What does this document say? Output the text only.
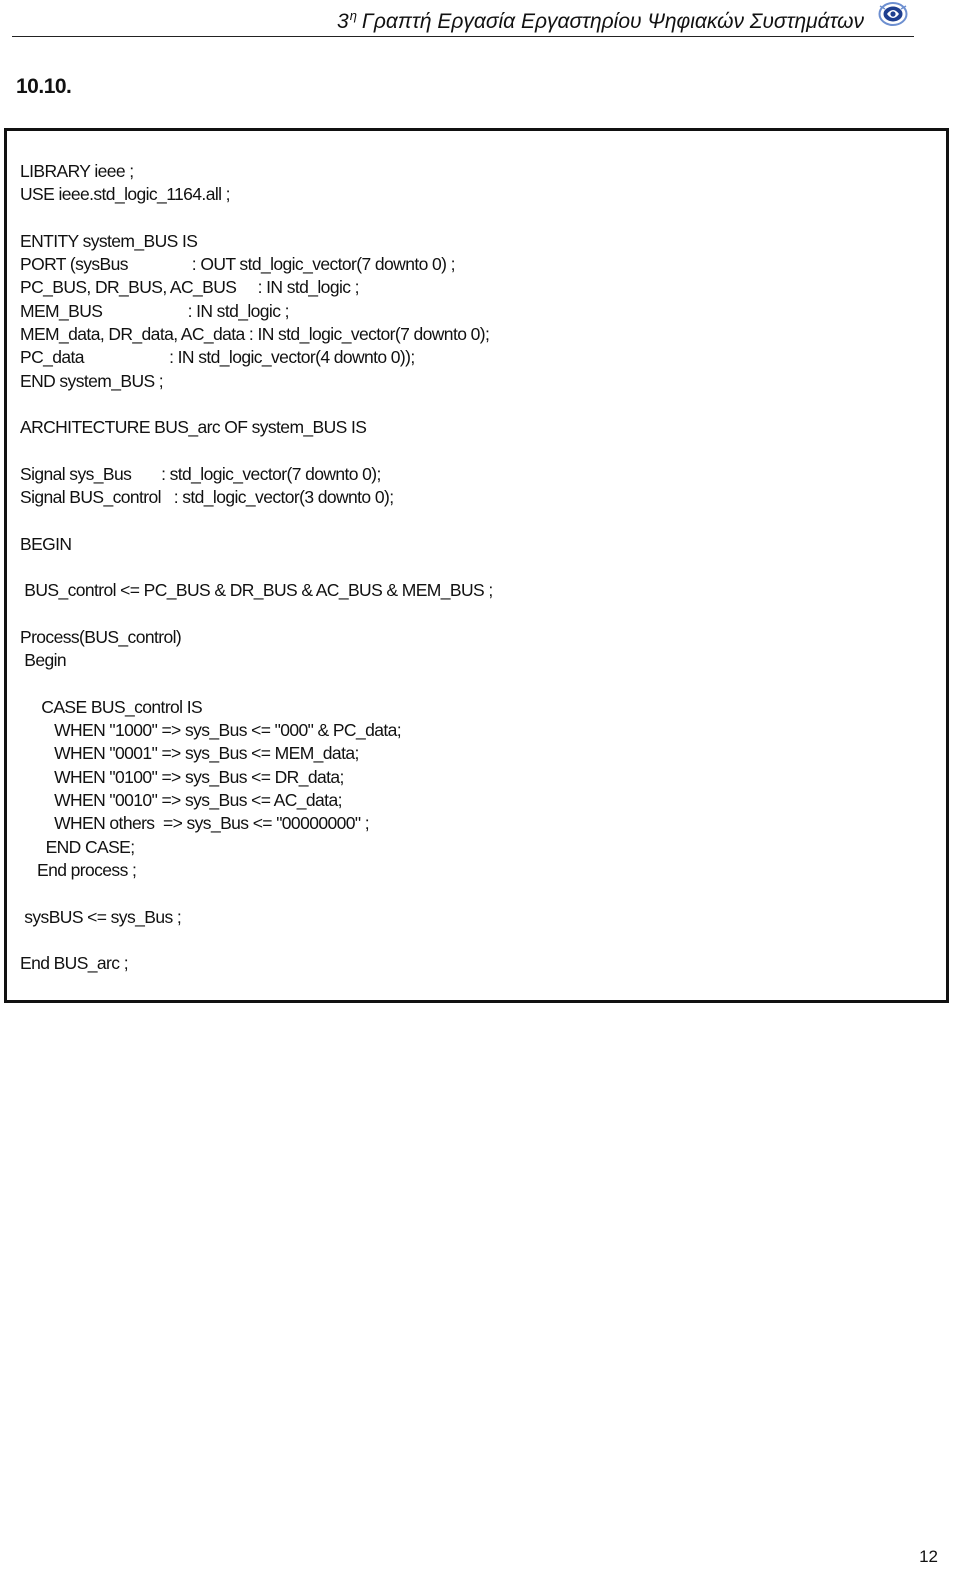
$3^\eta$ Γραπτή Εργασία Εργαστηρίου Ψηφιακών Συστημάτων
10.10.
LIBRARY ieee ;
USE ieee.std_logic_1164.all ;
ENTITY system_BUS IS
PORT (sysBus               : OUT std_logic_vector(7 downto 0) ;
PC_BUS, DR_BUS, AC_BUS     : IN std_logic ;
MEM_BUS                    : IN std_logic ;
MEM_data, DR_data, AC_data : IN std_logic_vector(7 downto 0);
PC_data                    : IN std_logic_vector(4 downto 0));
END system_BUS ;
ARCHITECTURE BUS_arc OF system_BUS IS
Signal sys_Bus       : std_logic_vector(7 downto 0);
Signal BUS_control   : std_logic_vector(3 downto 0);
BEGIN
BUS_control <= PC_BUS & DR_BUS & AC_BUS & MEM_BUS ;
Process(BUS_control)
Begin
CASE BUS_control IS
WHEN "1000" => sys_Bus <= "000" & PC_data;
WHEN "0001" => sys_Bus <= MEM_data;
WHEN "0100" => sys_Bus <= DR_data;
WHEN "0010" => sys_Bus <= AC_data;
WHEN others  => sys_Bus <= "00000000" ;
END CASE;
End process ;
sysBUS <= sys_Bus ;
End BUS_arc ;
12
